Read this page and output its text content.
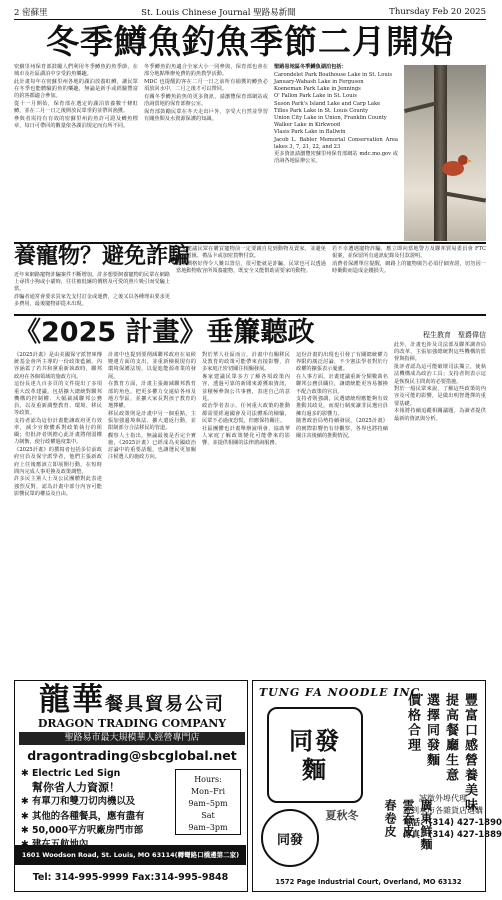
2 密蘇里	St. Louis Chinese Journal 聖路易新聞	Thursday Feb 20 2025
冬季鱒魚釣魚季節二月開始

密蘇里州保育部鼓勵人們利用冬季鱒魚釣魚季節，在城市及社區湖泊中享受釣魚樂趣。

此計畫每年在密蘇里州各地的湖泊放養虹鱒，讓民眾在冬季也能體驗釣魚的樂趣，無論是新手或經驗豐富的釣客都適合參加。

從十一月開始，保育部在選定的湖泊放養數千條虹鱒，並在二月一日之後開放民眾垂釣並帶回漁獲。

參與者需持有有效的密蘇里州釣魚許可證及鱒魚標章，每日可帶回的數量依各湖泊規定而有所不同。

冬季鱒魚釣魚適合全家大小一同參與，保育部也會在部分地點舉辦免費的釣魚教學活動。

MDC 也提醒釣客在二月一日之前所有捕獲的鱒魚必須放回水中，二月之後才可以帶回。

有關冬季鱒魚釣魚的更多資訊，請瀏覽保育部網站或洽詢當地的保育部辦公室。

保育部鼓勵民眾在冬天走出戶外，享受大自然並學習有關魚類及水資源保護的知識。

聖路易地區冬季鱒魚湖泊包括：

Carondelet Park Boathouse Lake in St. Louis
January-Wabash Lake in Ferguson
Koeneman Park Lake in Jennings
O' Fallon Park Lake in St. Louis
Suson Park's Island Lake and Carp Lake
Tilles Park Lake in St. Louis County
Union City Lake in Union, Franklin County
Walker Lake in Kirkwood
Vlasis Park Lake in Ballwin
Jacob L. Babler Memorial Conservation Area lakes 3, 7, 21, 22, and 23

更多資訊請瀏覽密蘇里州保育部網站 mdc.mo.gov 或洽詢各地區辦公室。

養寵物？避免詐騙

近年來網路寵物詐騙案件不斷增加，許多想要飼養寵物的民眾在網路上尋找小狗或小貓時，往往被低廉的價格及可愛的照片吸引而受騙上當。

詐騙者通常會要求買家先支付訂金或運費，之後又以各種理由要求更多費用，最後寵物卻從未出現。

專家建議民眾在購買寵物前一定要親自見到動物及賣家，並避免透過電匯、禮品卡或加密貨幣付款。

如果價格好得令人難以置信，很可能就是詐騙。民眾也可以透過當地動物收容所領養寵物，既安全又能幫助需要家的動物。

若不幸遭遇寵物詐騙，應立即向當地警方及聯邦貿易委員會 FTC 報案，並保留所有通訊紀錄及付款證明。

消費者保護單位提醒，網路上的寵物廣告必須仔細查證，切勿因一時衝動而造成金錢損失。

《2025 計畫》垂簾聽政	程生教育　聖爵偉信

《2025計畫》是由美國保守派智庫傳統基金會所主導的一份政策藍圖，內容涵蓋了若共和黨重新執政時，聯邦政府在各個領域的施政方向。

這份長達九百多頁的文件提出了多項重大改革建議，包括擴大總統對聯邦機構的控制權、大幅裁減聯邦公務員，以及重新調整教育、環境、移民等政策。

支持者認為這份計畫能讓政府更有效率，減少官僚體系對政策執行的阻礙；但批評者則擔心此計畫將削弱權力制衡，使行政權過度集中。

《2025計畫》的撰寫者包括多位前政府官員及保守派學者，他們主張新政府上任後應該立即展開行動，在短時間內完成人事更換及政策調整。

許多民主黨人士及公民團體對此表達強烈反對，認為計畫中部分內容可能影響民眾的權益及自由。

計畫中也提到要削減聯邦政府在氣候變遷方面的支出，並重新檢視現有的環境保護法規，以促進能源產業的發展。

在教育方面，計畫主張縮減聯邦教育部的角色，把更多權力交還給各州及地方學區，並擴大家長對孩子教育的選擇權。

移民政策則是計畫中另一個重點，主張加強邊境執法、擴大遣返行動，並限制部分合法移民的管道。

觀察人士指出，無論最後是否完全實施，《2025計畫》已經成為美國政治討論中的重要話題，也讓選民更加關注候選人的施政方向。

對於華人社區而言，計畫中有關移民及教育的政策可能帶來直接影響，許多家庭正密切關注相關發展。

專家建議民眾多方了解各項政策內容，透過可靠的新聞來源獲取資訊，並積極參與公共事務，表達自己的意見。

政治學者表示，任何重大政策的推動都需要經過國會及司法體系的檢驗，民眾不必過度恐慌，但應保持關注。

社區團體也計畫舉辦說明會，協助華人家庭了解政策變化可能帶來的影響，並提供相關的法律諮詢服務。

這份計畫的出現也引發了有關總統權力界限的廣泛討論，不少憲法學者對於行政權的擴張表示憂慮。

在人事方面，計畫建議重新分類數萬名聯邦公務員職位，讓總統能更容易撤換不配合政策的官員。

支持者則強調，民選總統理應能夠有效推動其政見，而現行制度讓非民選官員擁有過多的影響力。

隨著政治局勢持續發展，《2025計畫》的實際影響仍有待觀察，各界也將持續關注其後續的推動情況。

此外，計畫也涉及司法部及聯邦調查局的改革，主張加強總統對這些機構的監督與指揮。

批評者認為這可能破壞司法獨立，使執法機構成為政治工具；支持者則表示這是恢復民主問責的必要措施。

對於一般民眾來說，了解這些政策的內容及可能的影響，是做出明智選擇的重要基礎。

本報將持續追蹤相關議題，為讀者提供最新的資訊與分析。

龍華餐具貿易公司
DRAGON TRADING COMPANY
聖路易市最大規模華人經營專門店
dragontrading@sbcglobal.net
✱ Electric Led Sign
幫你省人力資源！
✱ 有單刀和雙刀切肉機以及
✱ 其他的各種餐具，應有盡有
✱ 50,000平方呎廠房門市部
Hours:
Mon–Fri
9am–5pm
Sat
9am–3pm
1601 Woodson Road, St. Louis, MO 63114(轉彎路口橋邊第二家)
Tel: 314-995-9999 Fax:314-995-9848
TUNG FA NOODLE INC.
同發麵	豐富口感營養美味
提高餐廳生意
選擇同發麵
價格合理
廣東鮮麵
雲吞皮
春卷皮
夏秋冬
同發
誠徵外埠代理
請到本市各雜貨店選購
電話：(314) 427-1890
傳真：(314) 427-1889
1572 Page Industrial Court, Overland, MO 63132
